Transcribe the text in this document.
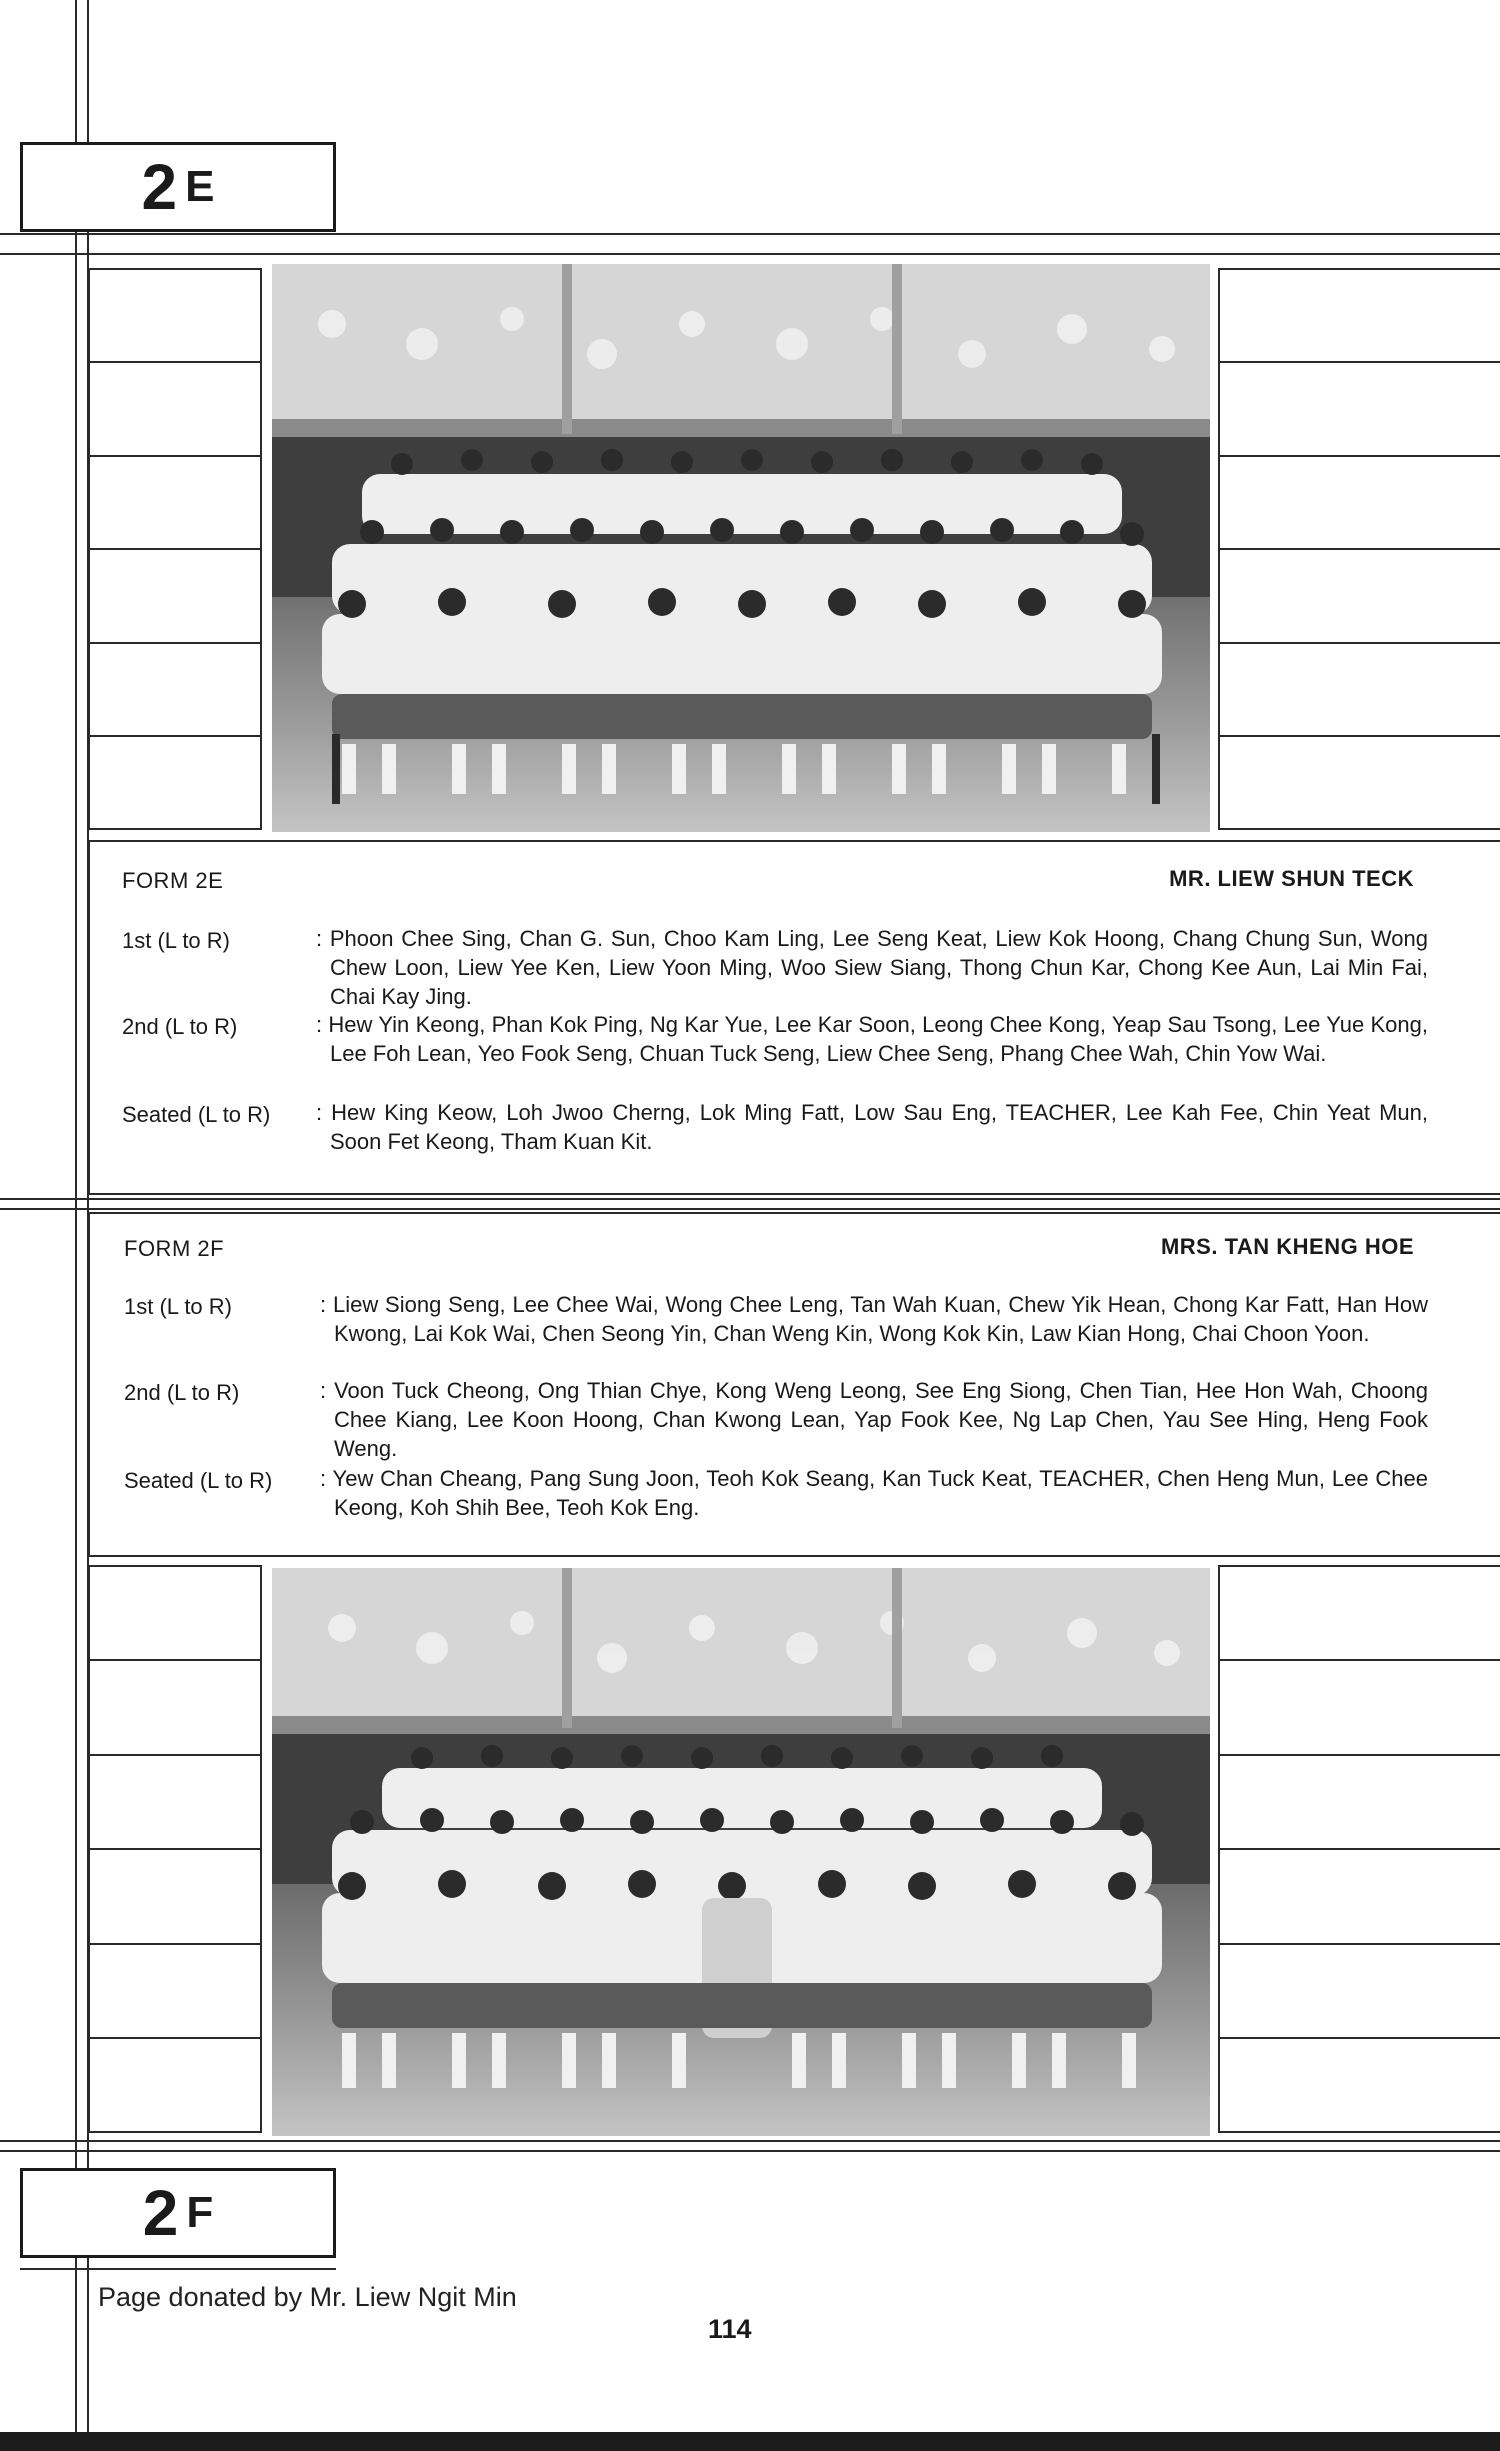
2 E
FORM 2E	MR. LIEW SHUN TECK
1st (L to R)	: Phoon Chee Sing, Chan G. Sun, Choo Kam Ling, Lee Seng Keat, Liew Kok Hoong, Chang Chung Sun, Wong Chew Loon, Liew Yee Ken, Liew Yoon Ming, Woo Siew Siang, Thong Chun Kar, Chong Kee Aun, Lai Min Fai, Chai Kay Jing.
2nd (L to R)	: Hew Yin Keong, Phan Kok Ping, Ng Kar Yue, Lee Kar Soon, Leong Chee Kong, Yeap Sau Tsong, Lee Yue Kong, Lee Foh Lean, Yeo Fook Seng, Chuan Tuck Seng, Liew Chee Seng, Phang Chee Wah, Chin Yow Wai.
Seated (L to R) : Hew King Keow, Loh Jwoo Cherng, Lok Ming Fatt, Low Sau Eng, TEACHER, Lee Kah Fee, Chin Yeat Mun, Soon Fet Keong, Tham Kuan Kit.
FORM 2F	MRS. TAN KHENG HOE
1st (L to R)	: Liew Siong Seng, Lee Chee Wai, Wong Chee Leng, Tan Wah Kuan, Chew Yik Hean, Chong Kar Fatt, Han How Kwong, Lai Kok Wai, Chen Seong Yin, Chan Weng Kin, Wong Kok Kin, Law Kian Hong, Chai Choon Yoon.
2nd (L to R)	: Voon Tuck Cheong, Ong Thian Chye, Kong Weng Leong, See Eng Siong, Chen Tian, Hee Hon Wah, Choong Chee Kiang, Lee Koon Hoong, Chan Kwong Lean, Yap Fook Kee, Ng Lap Chen, Yau See Hing, Heng Fook Weng.
Seated (L to R) : Yew Chan Cheang, Pang Sung Joon, Teoh Kok Seang, Kan Tuck Keat, TEACHER, Chen Heng Mun, Lee Chee Keong, Koh Shih Bee, Teoh Kok Eng.
2 F
Page donated by Mr. Liew Ngit Min
114
